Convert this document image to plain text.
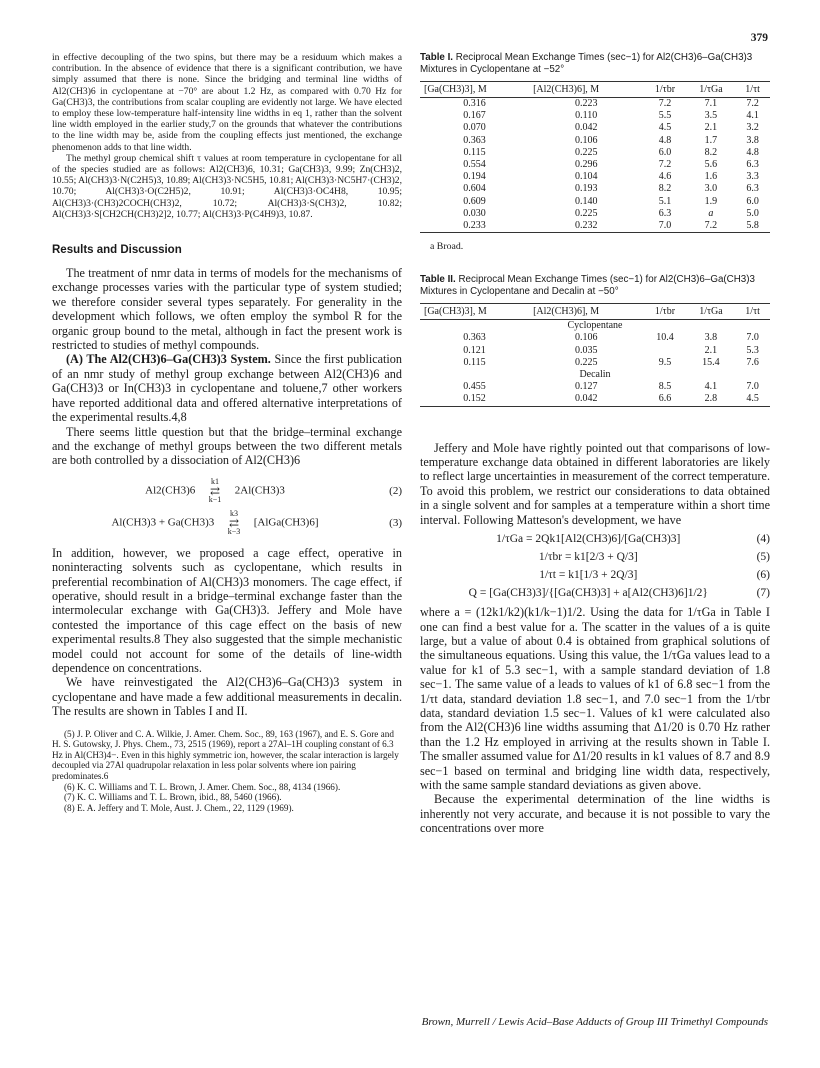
379

in effective decoupling of the two spins, but there may be a residuum which makes a contribution. In the absence of evidence that there is a significant contribution, we have simply assumed that there is none. Since the bridging and terminal line widths of Al2(CH3)6 in cyclopentane at −70° are about 1.2 Hz, as compared with 0.70 Hz for Ga(CH3)3, the contributions from scalar coupling are evidently not large. We have elected to employ these low-temperature half-intensity line widths in eq 1, rather than the solvent line width employed in the earlier study,7 on the grounds that whatever the contributions to the line width may be, aside from the coupling effects just mentioned, the exchange phenomenon adds to that line width.

The methyl group chemical shift τ values at room temperature in cyclopentane for all of the species studied are as follows: Al2(CH3)6, 10.31; Ga(CH3)3, 9.99; Zn(CH3)2, 10.55; Al(CH3)3·N(C2H5)3, 10.89; Al(CH3)3·NC5H5, 10.81; Al(CH3)3·NC5H7·(CH3)2, 10.70; Al(CH3)3·O(C2H5)2, 10.91; Al(CH3)3·OC4H8, 10.95; Al(CH3)3·(CH3)2COCH(CH3)2, 10.72; Al(CH3)3·S(CH3)2, 10.82; Al(CH3)3·S[CH2CH(CH3)2]2, 10.77; Al(CH3)3·P(C4H9)3, 10.87.

Results and Discussion

The treatment of nmr data in terms of models for the mechanisms of exchange processes varies with the particular type of system studied; we therefore consider several types separately. For generality in the development which follows, we often employ the symbol R for the organic group bound to the metal, although in fact the present work is restricted to studies of methyl compounds.

(A) The Al2(CH3)6–Ga(CH3)3 System. Since the first publication of an nmr study of methyl group exchange between Al2(CH3)6 and Ga(CH3)3 or In(CH3)3 in cyclopentane and toluene,7 other workers have reported additional data and offered alternative interpretations of the experimental results.4,8

There seems little question but that the bridge–terminal exchange and the exchange of methyl groups between the two different metals are both controlled by a dissociation of Al2(CH3)6

Al2(CH3)6
k1
⇄
k−1
2Al(CH3)3	(2)
Al(CH3)3 + Ga(CH3)3
k3
⇄
k−3
[AlGa(CH3)6]	(3)

In addition, however, we proposed a cage effect, operative in noninteracting solvents such as cyclopentane, which results in preferential recombination of Al(CH3)3 monomers. The cage effect, if operative, should result in a bridge–terminal exchange faster than the intermolecular exchange with Ga(CH3)3. Jeffery and Mole have contested the importance of this cage effect on the basis of new experimental results.8 They also suggested that the simple mechanistic model could not account for some of the details of line-width dependence on concentrations.

We have reinvestigated the Al2(CH3)6–Ga(CH3)3 system in cyclopentane and have made a few additional measurements in decalin. The results are shown in Tables I and II.

(5) J. P. Oliver and C. A. Wilkie, J. Amer. Chem. Soc., 89, 163 (1967), and E. S. Gore and H. S. Gutowsky, J. Phys. Chem., 73, 2515 (1969), report a 27Al–1H coupling constant of 6.3 Hz in Al(CH3)4−. Even in this highly symmetric ion, however, the scalar interaction is largely decoupled via 27Al quadrupolar relaxation in less polar solvents where ion pairing predominates.6

(6) K. C. Williams and T. L. Brown, J. Amer. Chem. Soc., 88, 4134 (1966).

(7) K. C. Williams and T. L. Brown, ibid., 88, 5460 (1966).

(8) E. A. Jeffery and T. Mole, Aust. J. Chem., 22, 1129 (1969).

Table I. Reciprocal Mean Exchange Times (sec−1) for Al2(CH3)6–Ga(CH3)3 Mixtures in Cyclopentane at −52°
[Ga(CH3)3], M	[Al2(CH3)6], M	1/τbr	1/τGa	1/τt
0.316	0.223	7.2	7.1	7.2
0.167	0.110	5.5	3.5	4.1
0.070	0.042	4.5	2.1	3.2
0.363	0.106	4.8	1.7	3.8
0.115	0.225	6.0	8.2	4.8
0.554	0.296	7.2	5.6	6.3
0.194	0.104	4.6	1.6	3.3
0.604	0.193	8.2	3.0	6.3
0.609	0.140	5.1	1.9	6.0
0.030	0.225	6.3	a	5.0
0.233	0.232	7.0	7.2	5.8
a Broad.
Table II. Reciprocal Mean Exchange Times (sec−1) for Al2(CH3)6–Ga(CH3)3 Mixtures in Cyclopentane and Decalin at −50°
[Ga(CH3)3], M	[Al2(CH3)6], M	1/τbr	1/τGa	1/τt
Cyclopentane				
0.363	0.106	10.4	3.8	7.0
0.121	0.035		2.1	5.3
0.115	0.225	9.5	15.4	7.6
Decalin				
0.455	0.127	8.5	4.1	7.0
0.152	0.042	6.6	2.8	4.5

Jeffery and Mole have rightly pointed out that comparisons of low-temperature exchange data obtained in different laboratories are likely to reflect large uncertainties in measurement of the correct temperature. To avoid this problem, we restrict our considerations to data obtained in a single solvent and for samples at a temperature within a short time interval. Following Matteson's development, we have

1/τGa = 2Qk1[Al2(CH3)6]/[Ga(CH3)3]	(4)
1/τbr = k1[2/3 + Q/3]	(5)
1/τt = k1[1/3 + 2Q/3]	(6)
Q = [Ga(CH3)3]/{[Ga(CH3)3] + a[Al2(CH3)6]1/2}	(7)

where a = (12k1/k2)(k1/k−1)1/2. Using the data for 1/τGa in Table I one can find a best value for a. The scatter in the values of a is quite large, but a value of about 0.4 is obtained from graphical solutions of the simultaneous equations. Using this value, the 1/τGa values lead to a value for k1 of 5.3 sec−1, with a sample standard deviation of 1.8 sec−1. The same value of a leads to values of k1 of 6.8 sec−1 from the 1/τt data, standard deviation 1.8 sec−1, and 7.0 sec−1 from the 1/τbr data, standard deviation 1.5 sec−1. Values of k1 were calculated also from the Al2(CH3)6 line widths assuming that Δ1/20 is 0.70 Hz rather than the 1.2 Hz employed in arriving at the results shown in Table I. The smaller assumed value for Δ1/20 results in k1 values of 8.7 and 8.9 sec−1 based on terminal and bridging line width data, respectively, with the same sample standard deviations as given above.

Because the experimental determination of the line widths is inherently not very accurate, and because it is not possible to vary the concentrations over more

Brown, Murrell / Lewis Acid–Base Adducts of Group III Trimethyl Compounds
